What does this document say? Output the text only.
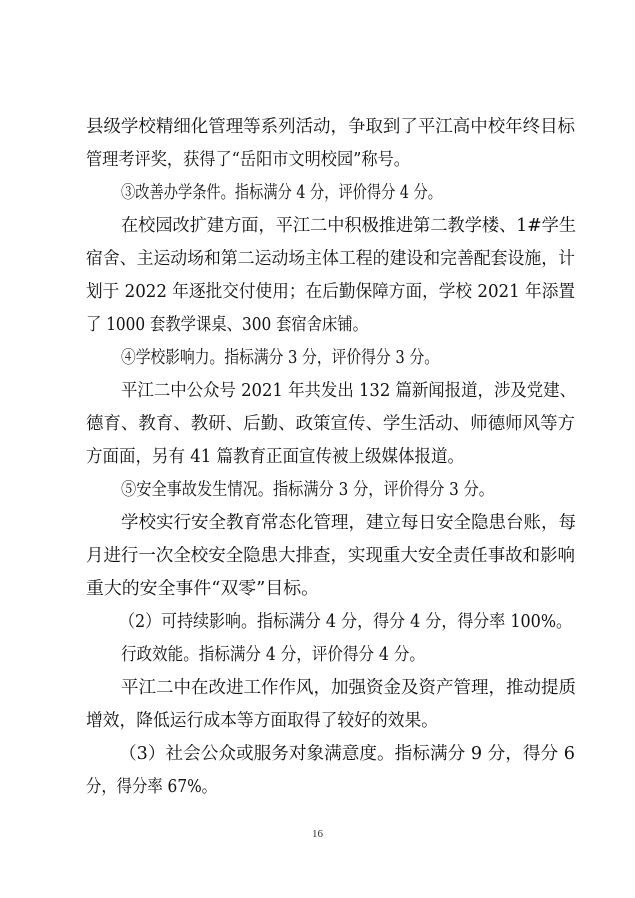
县级学校精细化管理等系列活动，争取到了平江高中校年终目标
管理考评奖，获得了“岳阳市文明校园”称号。
③改善办学条件。指标满分 4 分，评价得分 4 分。
在校园改扩建方面，平江二中积极推进第二教学楼、1#学生
宿舍、主运动场和第二运动场主体工程的建设和完善配套设施，计
划于 2022 年逐批交付使用；在后勤保障方面，学校 2021 年添置
了 1000 套教学课桌、300 套宿舍床铺。
④学校影响力。指标满分 3 分，评价得分 3 分。
平江二中公众号 2021 年共发出 132 篇新闻报道，涉及党建、
德育、教育、教研、后勤、政策宣传、学生活动、师德师风等方
方面面，另有 41 篇教育正面宣传被上级媒体报道。
⑤安全事故发生情况。指标满分 3 分，评价得分 3 分。
学校实行安全教育常态化管理，建立每日安全隐患台账，每
月进行一次全校安全隐患大排查，实现重大安全责任事故和影响
重大的安全事件“双零”目标。
（2）可持续影响。指标满分 4 分，得分 4 分，得分率 100%。
行政效能。指标满分 4 分，评价得分 4 分。
平江二中在改进工作作风，加强资金及资产管理，推动提质
增效，降低运行成本等方面取得了较好的效果。
（3）社会公众或服务对象满意度。指标满分 9 分，得分 6
分，得分率 67%。
16
